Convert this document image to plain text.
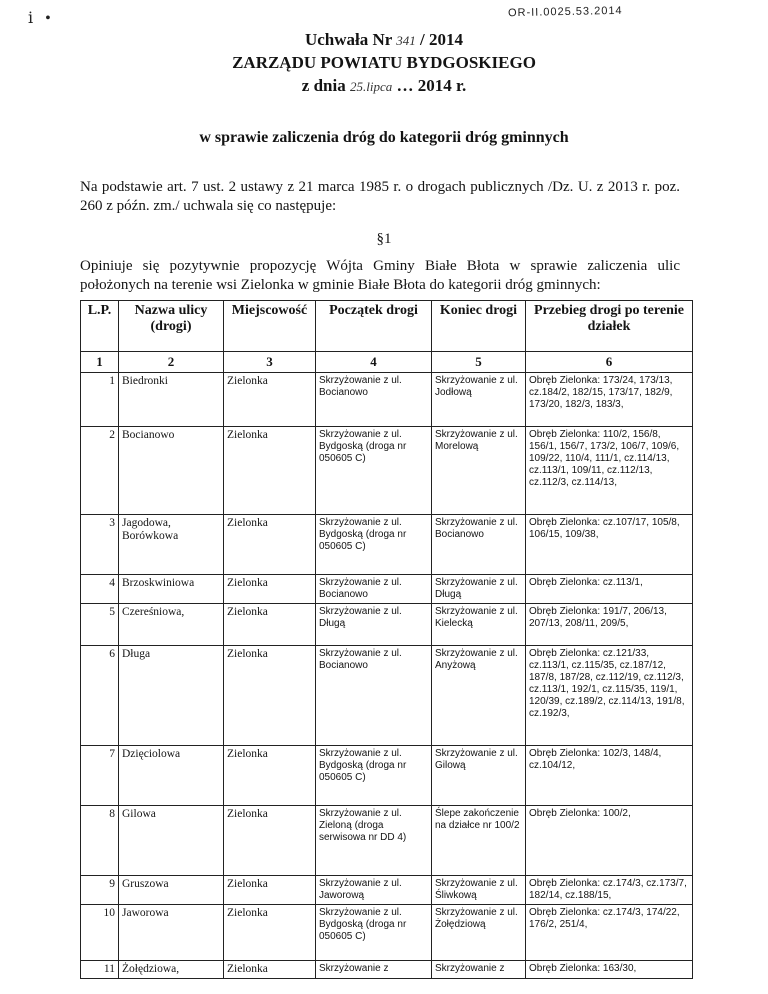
ⅰ   •	OR-II.0025.53.2014
Uchwała Nr 341 / 2014
ZARZĄDU POWIATU BYDGOSKIEGO
z dnia 25.lipca … 2014 r.
w sprawie zaliczenia dróg do kategorii dróg gminnych
Na podstawie art. 7 ust. 2 ustawy z 21 marca 1985 r. o drogach publicznych /Dz. U. z 2013 r. poz. 260 z późn. zm./ uchwala się co następuje:
§1
Opiniuje się pozytywnie propozycję Wójta Gminy Białe Błota w sprawie zaliczenia ulic położonych na terenie wsi Zielonka w gminie Białe Błota do kategorii dróg gminnych:
L.P.	Nazwa ulicy (drogi)	Miejscowość	Początek drogi	Koniec drogi	Przebieg drogi po terenie działek
1	2	3	4	5	6
1	Biedronki	Zielonka	Skrzyżowanie z ul. Bocianowo	Skrzyżowanie z ul. Jodłową	Obręb Zielonka: 173/24, 173/13, cz.184/2, 182/15, 173/17, 182/9, 173/20, 182/3, 183/3,
2	Bocianowo	Zielonka	Skrzyżowanie z ul. Bydgoską (droga nr 050605 C)	Skrzyżowanie z ul. Morelową	Obręb Zielonka: 110/2, 156/8, 156/1, 156/7, 173/2, 106/7, 109/6, 109/22, 110/4, 111/1, cz.114/13, cz.113/1, 109/11, cz.112/13, cz.112/3, cz.114/13,
3	Jagodowa, Borówkowa	Zielonka	Skrzyżowanie z ul. Bydgoską (droga nr 050605 C)	Skrzyżowanie z ul. Bocianowo	Obręb Zielonka: cz.107/17, 105/8, 106/15, 109/38,
4	Brzoskwiniowa	Zielonka	Skrzyżowanie z ul. Bocianowo	Skrzyżowanie z ul. Długą	Obręb Zielonka: cz.113/1,
5	Czereśniowa,	Zielonka	Skrzyżowanie z ul. Długą	Skrzyżowanie z ul. Kielecką	Obręb Zielonka: 191/7, 206/13, 207/13, 208/11, 209/5,
6	Długa	Zielonka	Skrzyżowanie z ul. Bocianowo	Skrzyżowanie z ul. Anyżową	Obręb Zielonka: cz.121/33, cz.113/1, cz.115/35, cz.187/12, 187/8, 187/28, cz.112/19, cz.112/3, cz.113/1, 192/1, cz.115/35, 119/1, 120/39, cz.189/2, cz.114/13, 191/8, cz.192/3,
7	Dzięciolowa	Zielonka	Skrzyżowanie z ul. Bydgoską (droga nr 050605 C)	Skrzyżowanie z ul. Gilową	Obręb Zielonka: 102/3, 148/4, cz.104/12,
8	Gilowa	Zielonka	Skrzyżowanie z ul. Zieloną (droga serwisowa nr DD 4)	Ślepe zakończenie na działce nr 100/2	Obręb Zielonka: 100/2,
9	Gruszowa	Zielonka	Skrzyżowanie z ul. Jaworową	Skrzyżowanie z ul. Śliwkową	Obręb Zielonka: cz.174/3, cz.173/7, 182/14, cz.188/15,
10	Jaworowa	Zielonka	Skrzyżowanie z ul. Bydgoską (droga nr 050605 C)	Skrzyżowanie z ul. Żołędziową	Obręb Zielonka: cz.174/3, 174/22, 176/2, 251/4,
11	Żołędziowa,	Zielonka	Skrzyżowanie z	Skrzyżowanie z	Obręb Zielonka: 163/30,
